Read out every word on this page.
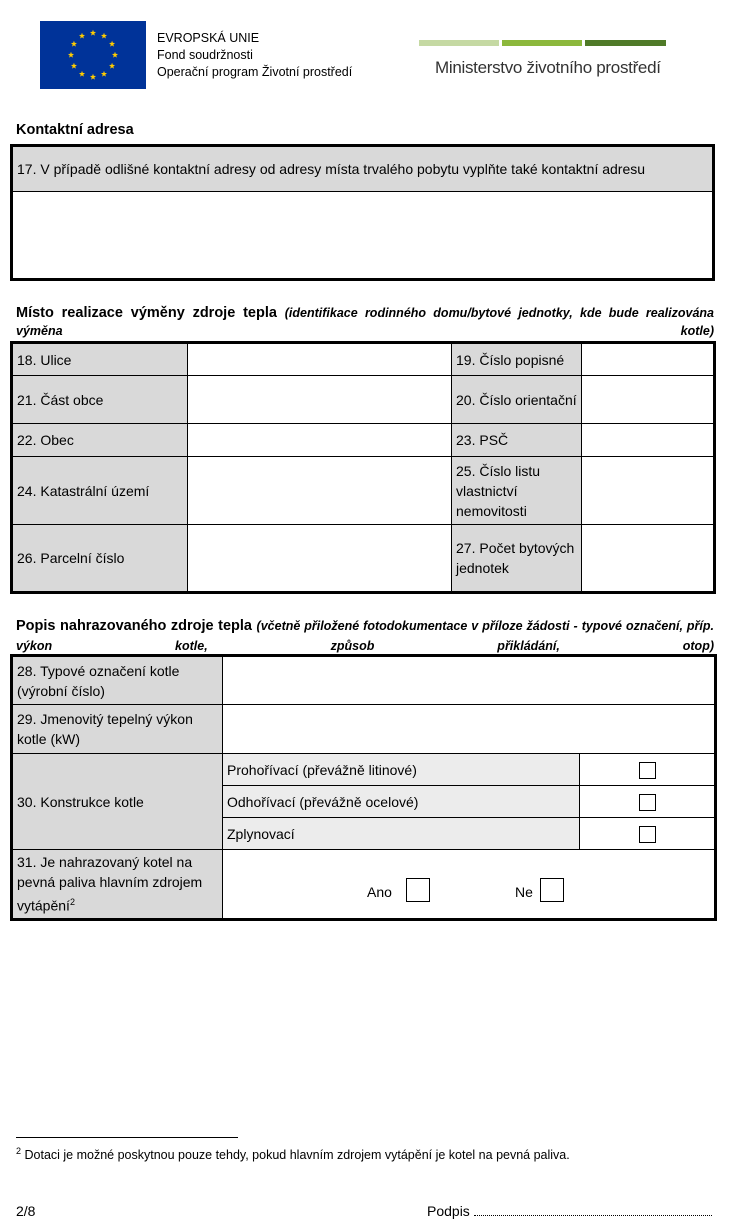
EVROPSKÁ UNIE
Fond soudržnosti
Operační program Životní prostředí	Ministerstvo životního prostředí
Kontaktní adresa
17. V případě odlišné kontaktní adresy od adresy místa trvalého pobytu vyplňte také kontaktní adresu

Místo realizace výměny zdroje tepla (identifikace rodinného domu/bytové jednotky, kde bude realizována výměna kotle)
18. Ulice		19. Číslo popisné	
21. Část obce		20. Číslo orientační	
22. Obec		23. PSČ	
24. Katastrální území		25. Číslo listu vlastnictví nemovitosti	
26. Parcelní číslo		27. Počet bytových jednotek	
Popis nahrazovaného zdroje tepla (včetně přiložené fotodokumentace v příloze žádosti - typové označení, příp. výkon kotle, způsob přikládání, otop)
28. Typové označení kotle (výrobní číslo)		
29. Jmenovitý tepelný výkon kotle (kW)		
30. Konstrukce kotle	Prohořívací (převážně litinové)	
	Odhořívací (převážně ocelové)	
	Zplynovací	
31. Je nahrazovaný kotel na pevná paliva hlavním zdrojem vytápění$^2$	Ano Ne	
$^2$ Dotaci je možné poskytnou pouze tehdy, pokud hlavním zdrojem vytápění je kotel na pevná paliva.
2/8	Podpis
